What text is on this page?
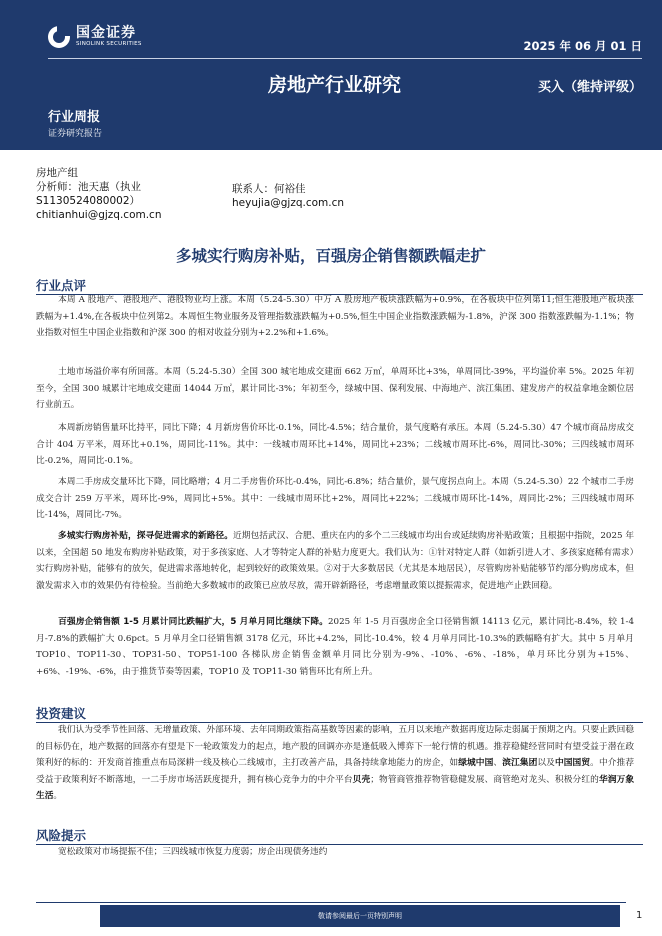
国金证券
SINOLINK SECURITIES	2025 年 06 月 01 日
房地产行业研究	买入（维持评级）
行业周报
证券研究报告
房地产组
分析师：池天惠（执业
S1130524080002）
chitianhui@gjzq.com.cn
联系人：何裕佳
heyujia@gjzq.com.cn
多城实行购房补贴，百强房企销售额跌幅走扩
行业点评
本周 A 股地产、港股地产、港股物业均上涨。本周（5.24-5.30）中万 A 股房地产板块涨跌幅为+0.9%，在各板块中位列第11;恒生港股地产板块涨跌幅为+1.4%,在各板块中位列第2。本周恒生物业服务及管理指数涨跌幅为+0.5%,恒生中国企业指数涨跌幅为-1.8%，沪深 300 指数涨跌幅为-1.1%；物业指数对恒生中国企业指数和沪深 300 的相对收益分别为+2.2%和+1.6%。
土地市场溢价率有所回落。本周（5.24-5.30）全国 300 城宅地成交建面 662 万㎡，单周环比+3%，单周同比-39%，平均溢价率 5%。2025 年初至今，全国 300 城累计宅地成交建面 14044 万㎡，累计同比-3%；年初至今，绿城中国、保利发展、中海地产、滨江集团、建发房产的权益拿地金额位居行业前五。
本周新房销售量环比持平，同比下降；4 月新房售价环比-0.1%，同比-4.5%；结合量价，景气度略有承压。本周（5.24-5.30）47 个城市商品房成交合计 404 万平米，周环比+0.1%，周同比-11%。其中：一线城市周环比+14%，周同比+23%；二线城市周环比-6%，周同比-30%；三四线城市周环比-0.2%，周同比-0.1%。
本周二手房成交量环比下降，同比略增；4 月二手房售价环比-0.4%，同比-6.8%；结合量价，景气度拐点向上。本周（5.24-5.30）22 个城市二手房成交合计 259 万平米，周环比-9%，周同比+5%。其中：一线城市周环比+2%，周同比+22%；二线城市周环比-14%，周同比-2%；三四线城市周环比-14%，周同比-7%。
多城实行购房补贴，探寻促进需求的新路径。近期包括武汉、合肥、重庆在内的多个二三线城市均出台或延续购房补贴政策；且根据中指院，2025 年以来，全国超 50 地发布购房补贴政策，对于多孩家庭、人才等特定人群的补贴力度更大。我们认为：①针对特定人群（如新引进人才、多孩家庭稀有需求）实行购房补贴，能够有的放矢，促进需求落地转化，起到较好的政策效果。②对于大多数居民（尤其是本地居民），尽管购房补贴能够节约部分购房成本，但激发需求入市的效果仍有待检验。当前绝大多数城市的政策已应放尽放，需开辟新路径，考虑增量政策以提振需求，促进地产止跌回稳。
百强房企销售额 1-5 月累计同比跌幅扩大，5 月单月同比继续下降。2025 年 1-5 月百强房企全口径销售额 14113 亿元，累计同比-8.4%，较 1-4 月-7.8%的跌幅扩大 0.6pct。5 月单月全口径销售额 3178 亿元，环比+4.2%，同比-10.4%，较 4 月单月同比-10.3%的跌幅略有扩大。其中 5 月单月 TOP10、TOP11-30、TOP31-50、TOP51-100 各梯队房企销售金额单月同比分别为-9%、-10%、-6%、-18%，单月环比分别为+15%、+6%、-19%、-6%，由于推货节奏等因素，TOP10 及 TOP11-30 销售环比有所上升。
投资建议
我们认为受季节性回落、无增量政策、外部环境、去年同期政策指高基数等因素的影响，五月以来地产数据再度边际走弱属于预期之内。只要止跌回稳的目标仍在，地产数据的回落亦有望是下一轮政策发力的起点，地产股的回调亦亦是逢低吸入博弈下一轮行情的机遇。推荐稳健经营同时有望受益于潜在政策利好的标的：开发商首推重点布局深耕一线及核心二线城市，主打改善产品，具备持续拿地能力的房企，如绿城中国、滨江集团以及中国国贸。中介推荐受益于政策利好不断落地，一二手房市场活跃度提升，拥有核心竞争力的中介平台贝壳；物管商管推荐物管稳健发展、商管绝对龙头、积极分红的华润万象生活。
风险提示
宽松政策对市场提振不佳；三四线城市恢复力度弱；房企出现债务违约
敬请参阅最后一页特别声明	1
